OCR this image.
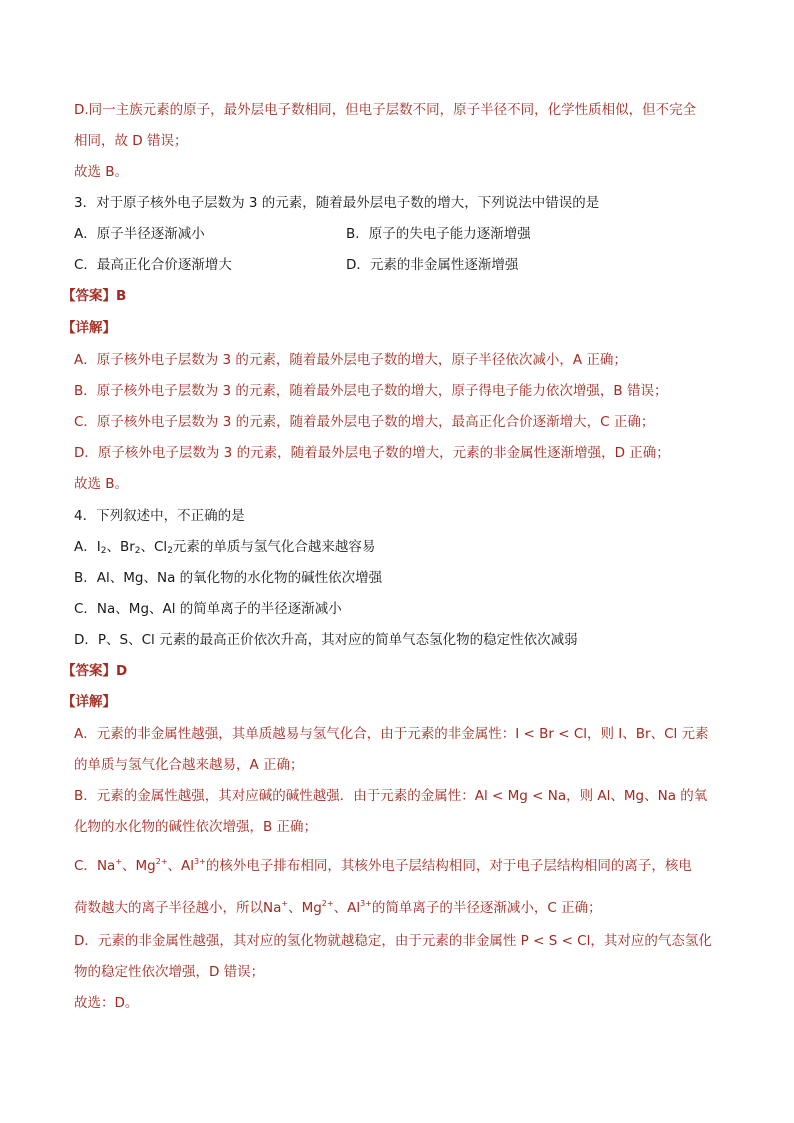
D.同一主族元素的原子，最外层电子数相同，但电子层数不同，原子半径不同，化学性质相似，但不完全
相同，故 D 错误；
故选 B。
3．对于原子核外电子层数为 3 的元素，随着最外层电子数的增大，下列说法中错误的是
A．原子半径逐渐减小	B．原子的失电子能力逐渐增强
C．最高正化合价逐渐增大	D．元素的非金属性逐渐增强
【答案】B
【详解】
A．原子核外电子层数为 3 的元素，随着最外层电子数的增大，原子半径依次减小，A 正确；
B．原子核外电子层数为 3 的元素，随着最外层电子数的增大，原子得电子能力依次增强，B 错误；
C．原子核外电子层数为 3 的元素，随着最外层电子数的增大，最高正化合价逐渐增大，C 正确；
D．原子核外电子层数为 3 的元素，随着最外层电子数的增大，元素的非金属性逐渐增强，D 正确；
故选 B。
4．下列叙述中，不正确的是
A．$I_2$、$Br_2$、$Cl_2$元素的单质与氢气化合越来越容易
B．Al、Mg、Na 的氧化物的水化物的碱性依次增强
C．Na、Mg、Al 的简单离子的半径逐渐减小
D．P、S、Cl 元素的最高正价依次升高，其对应的简单气态氢化物的稳定性依次减弱
【答案】D
【详解】
A．元素的非金属性越强，其单质越易与氢气化合，由于元素的非金属性：I < Br < Cl，则 I、Br、Cl 元素
的单质与氢气化合越来越易，A 正确；
B．元素的金属性越强，其对应碱的碱性越强．由于元素的金属性：Al < Mg < Na，则 Al、Mg、Na 的氧
化物的水化物的碱性依次增强，B 正确；
C．Na+、$Mg^{2+}$、$Al^{3+}$的核外电子排布相同，其核外电子层结构相同，对于电子层结构相同的离子，核电
荷数越大的离子半径越小，所以Na+、$Mg^{2+}$、$Al^{3+}$的简单离子的半径逐渐减小，C 正确；
D．元素的非金属性越强，其对应的氢化物就越稳定，由于元素的非金属性 P < S < Cl，其对应的气态氢化
物的稳定性依次增强，D 错误；
故选：D。
